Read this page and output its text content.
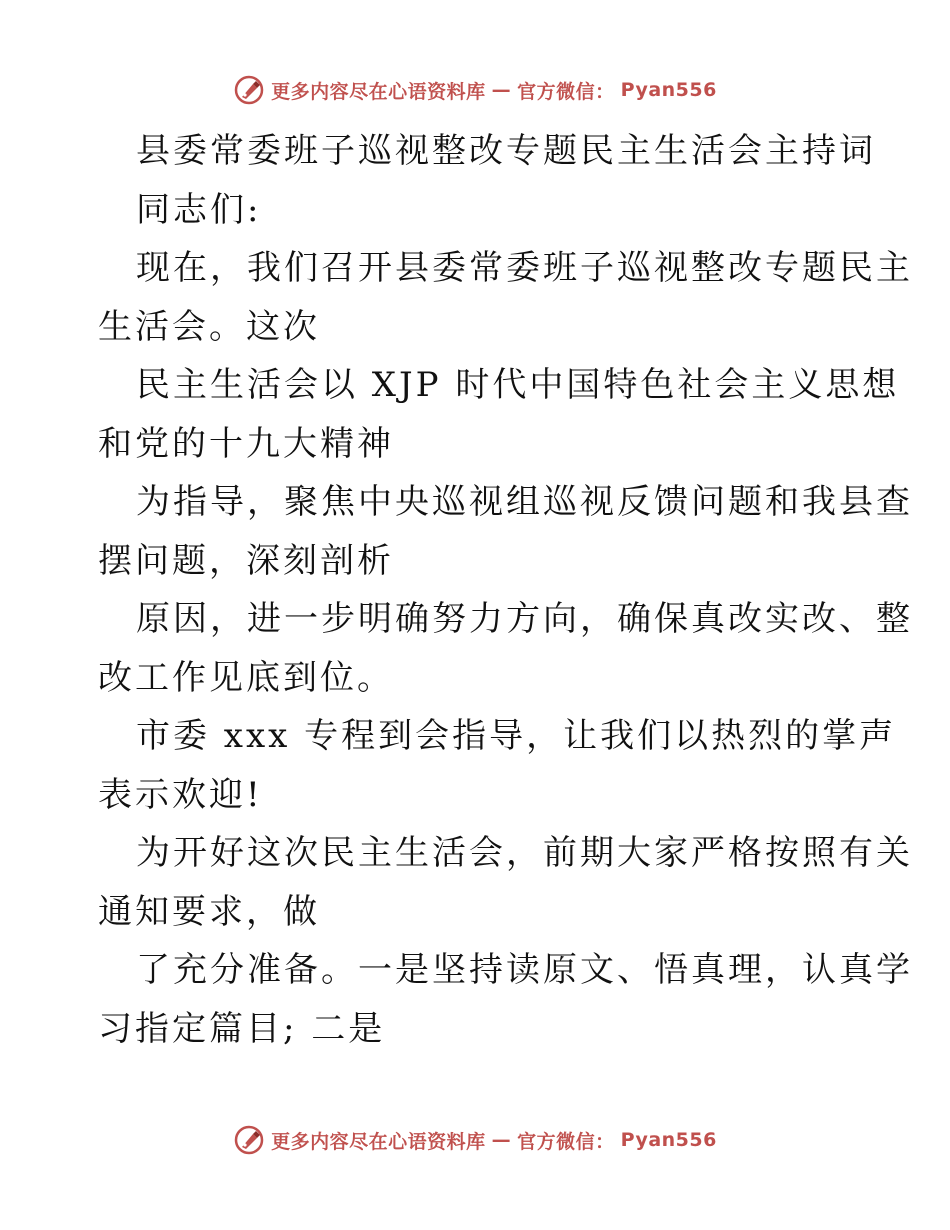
更多内容尽在心语资料库 — 官方微信： Pyan556
县委常委班子巡视整改专题民主生活会主持词
同志们:
现在，我们召开县委常委班子巡视整改专题民主
生活会。这次
民主生活会以 XJP 时代中国特色社会主义思想
和党的十九大精神
为指导，聚焦中央巡视组巡视反馈问题和我县查
摆问题，深刻剖析
原因，进一步明确努力方向，确保真改实改、整
改工作见底到位。
市委 xxx 专程到会指导，让我们以热烈的掌声
表示欢迎!
为开好这次民主生活会，前期大家严格按照有关
通知要求，做
了充分准备。一是坚持读原文、悟真理，认真学
习指定篇目; 二是
更多内容尽在心语资料库 — 官方微信： Pyan556
